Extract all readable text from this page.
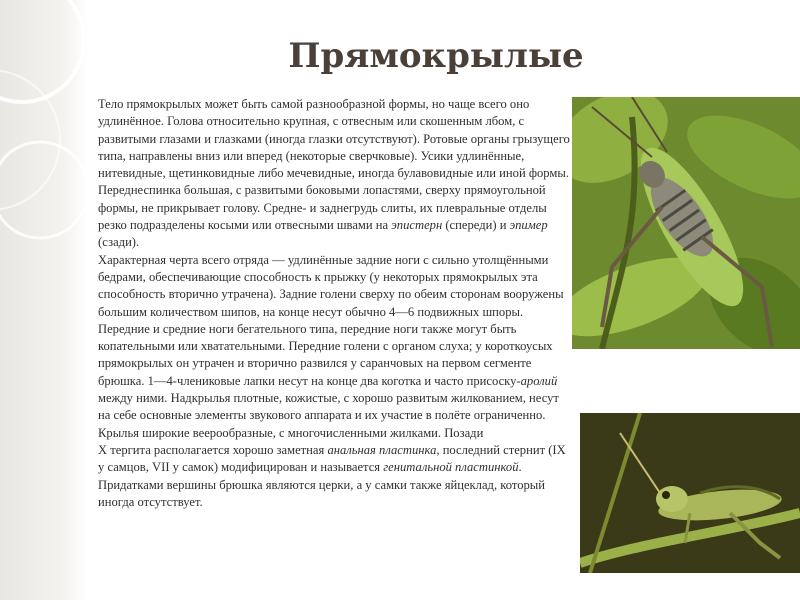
Прямокрылые

Тело прямокрылых может быть самой разнообразной формы, но чаще всего оно удлинённое. Голова относительно крупная, с отвесным или скошенным лбом, с развитыми глазами и глазками (иногда глазки отсутствуют). Ротовые органы грызущего типа, направлены вниз или вперед (некоторые сверчковые). Усики удлинённые, нитевидные, щетинковидные либо мечевидные, иногда булавовидные или иной формы. Переднеспинка большая, с развитыми боковыми лопастями, сверху прямоугольной формы, не прикрывает голову. Средне- и заднегрудь слиты, их плевральные отделы резко подразделены косыми или отвесными швами на эпистерн (спереди) и эпимер (сзади).

Характерная черта всего отряда — удлинённые задние ноги с сильно утолщёнными бедрами, обеспечивающие способность к прыжку (у некоторых прямокрылых эта способность вторично утрачена). Задние голени сверху по обеим сторонам вооружены большим количеством шипов, на конце несут обычно 4—6 подвижных шпоры. Передние и средние ноги бегательного типа, передние ноги также могут быть копательными или хватательными. Передние голени с органом слуха; у короткоусых прямокрылых он утрачен и вторично развился у саранчовых на первом сегменте брюшка. 1—4-члениковые лапки несут на конце два коготка и часто присоску-аролий между ними. Надкрылья плотные, кожистые, с хорошо развитым жилкованием, несут на себе основные элементы звукового аппарата и их участие в полёте ограниченно. Крылья широкие веерообразные, с многочисленными жилками. Позади

X тергита располагается хорошо заметная анальная пластинка, последний стернит (IX у самцов, VII у самок) модифицирован и называется генитальной пластинкой. Придатками вершины брюшка являются церки, а у самки также яйцеклад, который иногда отсутствует.
